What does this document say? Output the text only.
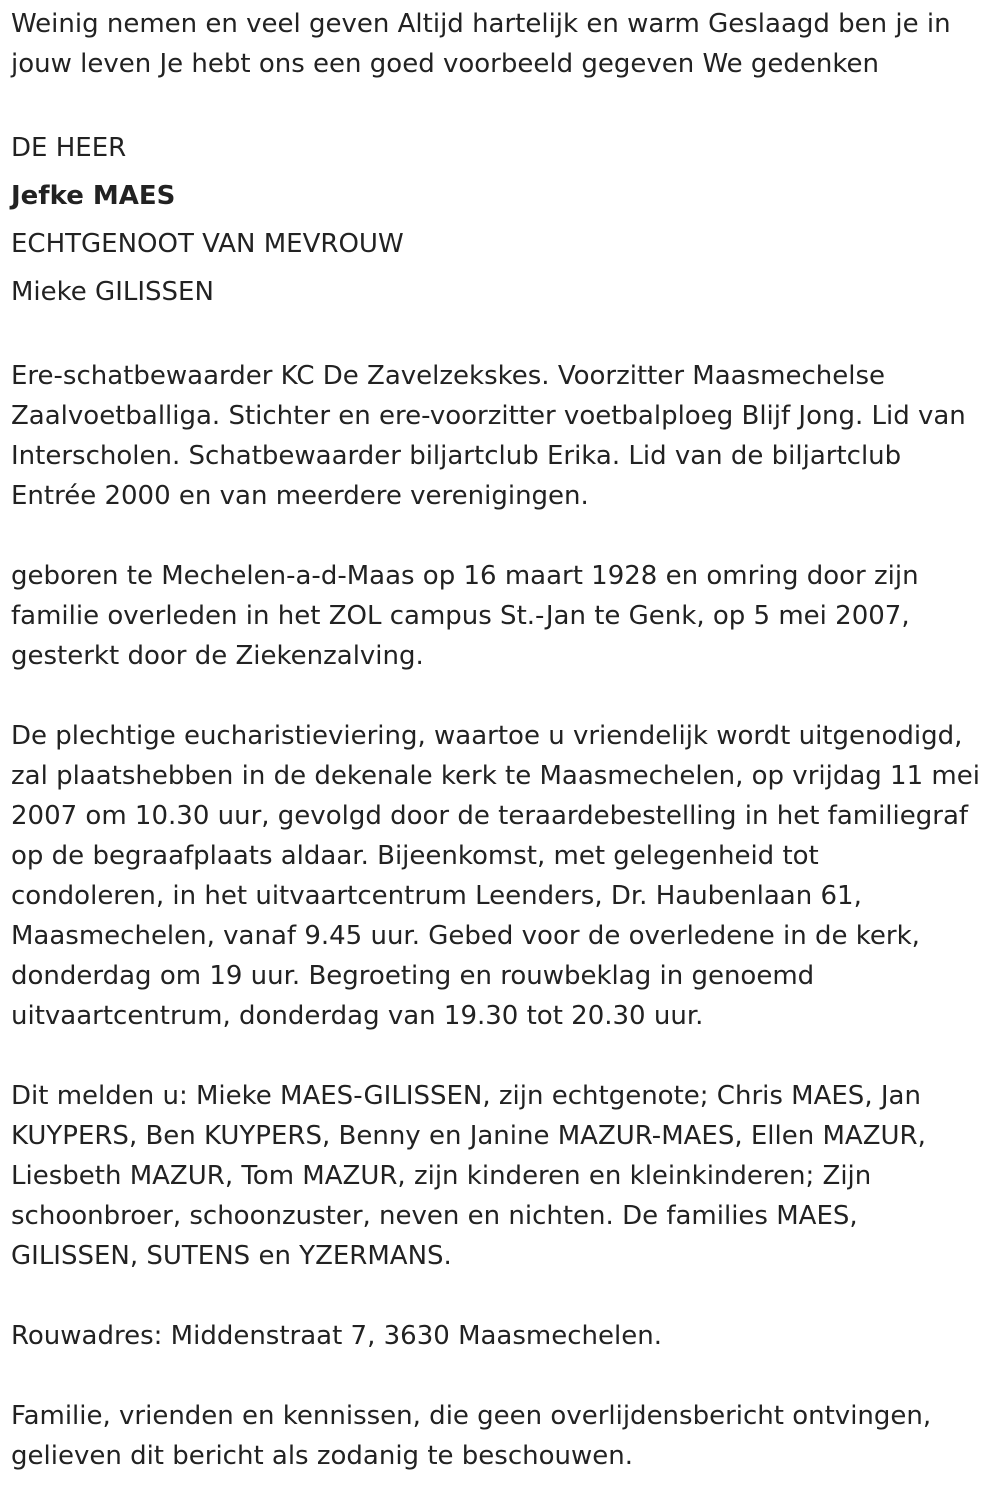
Weinig nemen en veel geven Altijd hartelijk en warm Geslaagd ben je in

jouw leven Je hebt ons een goed voorbeeld gegeven We gedenken

DE HEER

Jefke MAES

ECHTGENOOT VAN MEVROUW

Mieke GILISSEN

Ere-schatbewaarder KC De Zavelzekskes. Voorzitter Maasmechelse

Zaalvoetballiga. Stichter en ere-voorzitter voetbalploeg Blijf Jong. Lid van

Interscholen. Schatbewaarder biljartclub Erika. Lid van de biljartclub

Entrée 2000 en van meerdere verenigingen.

geboren te Mechelen-a-d-Maas op 16 maart 1928 en omring door zijn

familie overleden in het ZOL campus St.-Jan te Genk, op 5 mei 2007,

gesterkt door de Ziekenzalving.

De plechtige eucharistieviering, waartoe u vriendelijk wordt uitgenodigd,

zal plaatshebben in de dekenale kerk te Maasmechelen, op vrijdag 11 mei

2007 om 10.30 uur, gevolgd door de teraardebestelling in het familiegraf

op de begraafplaats aldaar. Bijeenkomst, met gelegenheid tot

condoleren, in het uitvaartcentrum Leenders, Dr. Haubenlaan 61,

Maasmechelen, vanaf 9.45 uur. Gebed voor de overledene in de kerk,

donderdag om 19 uur. Begroeting en rouwbeklag in genoemd

uitvaartcentrum, donderdag van 19.30 tot 20.30 uur.

Dit melden u: Mieke MAES-GILISSEN, zijn echtgenote; Chris MAES, Jan

KUYPERS, Ben KUYPERS, Benny en Janine MAZUR-MAES, Ellen MAZUR,

Liesbeth MAZUR, Tom MAZUR, zijn kinderen en kleinkinderen; Zijn

schoonbroer, schoonzuster, neven en nichten. De families MAES,

GILISSEN, SUTENS en YZERMANS.

Rouwadres: Middenstraat 7, 3630 Maasmechelen.

Familie, vrienden en kennissen, die geen overlijdensbericht ontvingen,

gelieven dit bericht als zodanig te beschouwen.
